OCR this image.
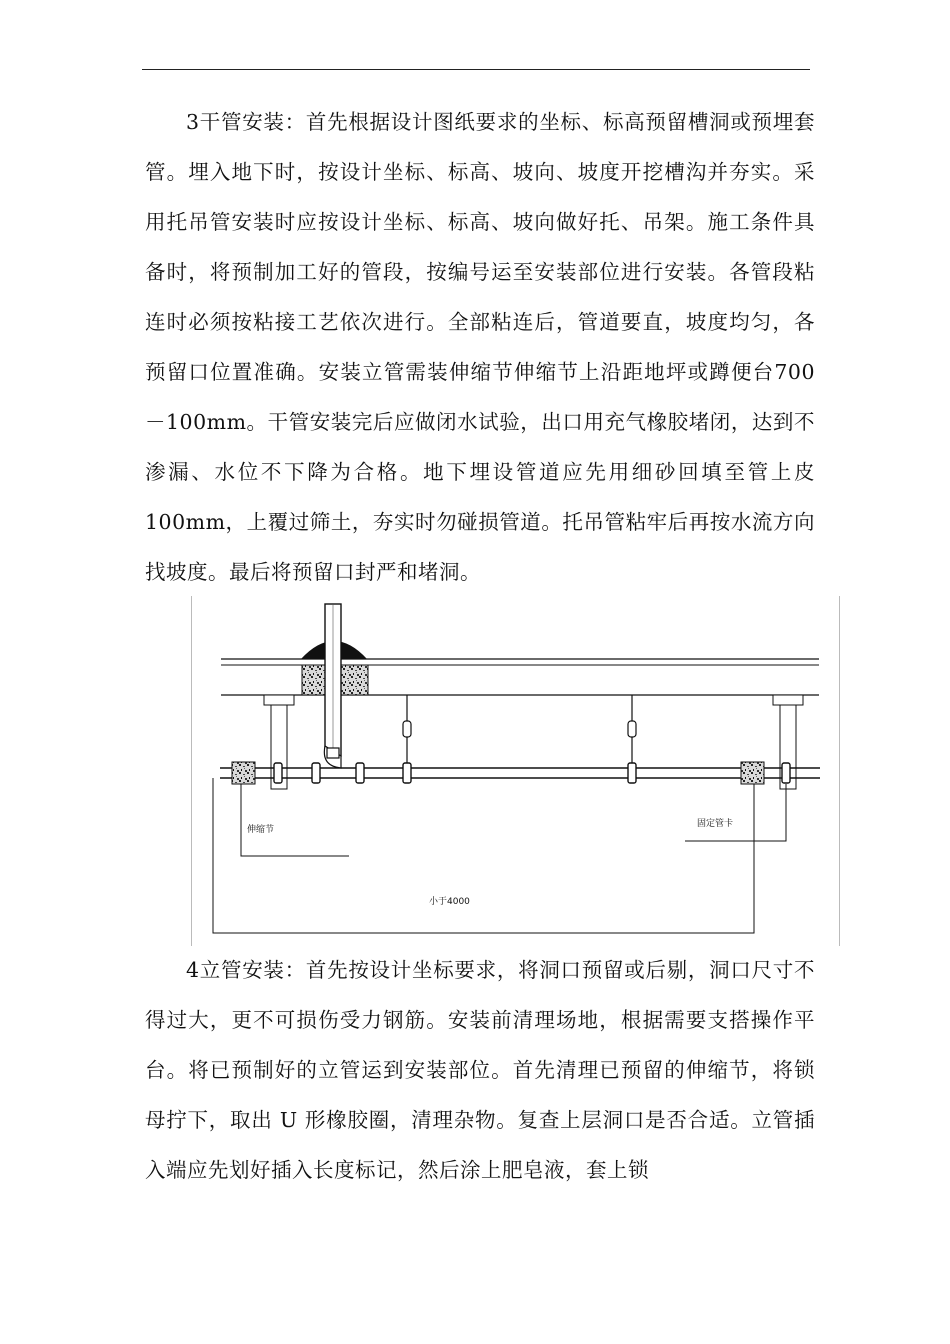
3干管安装：首先根据设计图纸要求的坐标、标高预留槽洞或预埋套管。埋入地下时，按设计坐标、标高、坡向、坡度开挖槽沟并夯实。采用托吊管安装时应按设计坐标、标高、坡向做好托、吊架。施工条件具备时，将预制加工好的管段，按编号运至安装部位进行安装。各管段粘连时必须按粘接工艺依次进行。全部粘连后，管道要直，坡度均匀，各预留口位置准确。安装立管需装伸缩节伸缩节上沿距地坪或蹲便台700－100mm。干管安装完后应做闭水试验，出口用充气橡胶堵闭，达到不渗漏、水位不下降为合格。地下埋设管道应先用细砂回填至管上皮 100mm，上覆过筛土，夯实时勿碰损管道。托吊管粘牢后再按水流方向找坡度。最后将预留口封严和堵洞。

伸缩节
固定管卡
小于4000

4立管安装：首先按设计坐标要求，将洞口预留或后剔，洞口尺寸不得过大，更不可损伤受力钢筋。安装前清理场地，根据需要支搭操作平台。将已预制好的立管运到安装部位。首先清理已预留的伸缩节，将锁母拧下，取出 U 形橡胶圈，清理杂物。复查上层洞口是否合适。立管插入端应先划好插入长度标记，然后涂上肥皂液，套上锁
